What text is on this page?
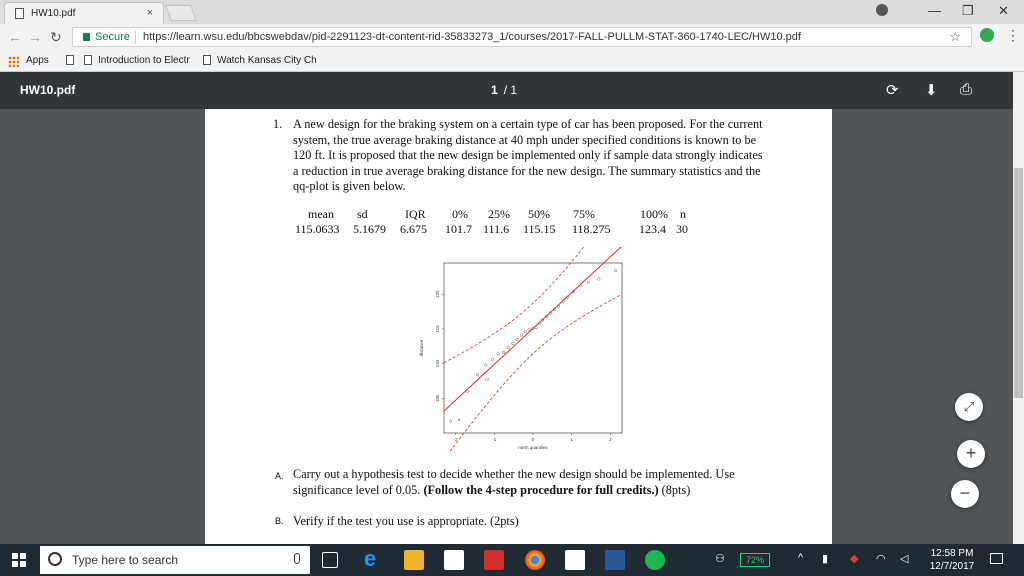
HW10.pdf	×	— ❐ ✕
← → ↻	Secure https://learn.wsu.edu/bbcswebdav/pid-2291123-dt-content-rid-35833273_1/courses/2017-FALL-PULLM-STAT-360-1740-LEC/HW10.pdf	☆	⋮
Apps	Introduction to Electr	Watch Kansas City Ch
HW10.pdf	1 / 1	⟳ ⬇ ⎙
1. A new design for the braking system on a certain type of car has been proposed. For the current system, the true average braking distance at 40 mph under specified conditions is known to be 120 ft. It is proposed that the new design be implemented only if sample data strongly indicates a reduction in true average braking distance for the new design. The summary statistics and the qq-plot is given below.
mean sd	IQR 0% 25% 50% 75%	100% n
115.0633 5.1679 6.675 101.7 111.6 115.15 118.275 123.4 30
12
8
-2	-1	0	1	2
105
110
115
120
norm quantiles
distance
A. Carry out a hypothesis test to decide whether the new design should be implemented. Use significance level of 0.05. (Follow the 4-step procedure for full credits.) (8pts)
B. Verify if the test you use is appropriate. (2pts)
⤢
+
−
Type here to search	e	⚇	72%	^ ▮ ◆ ◠ ◁	12:58 PM
12/7/2017
